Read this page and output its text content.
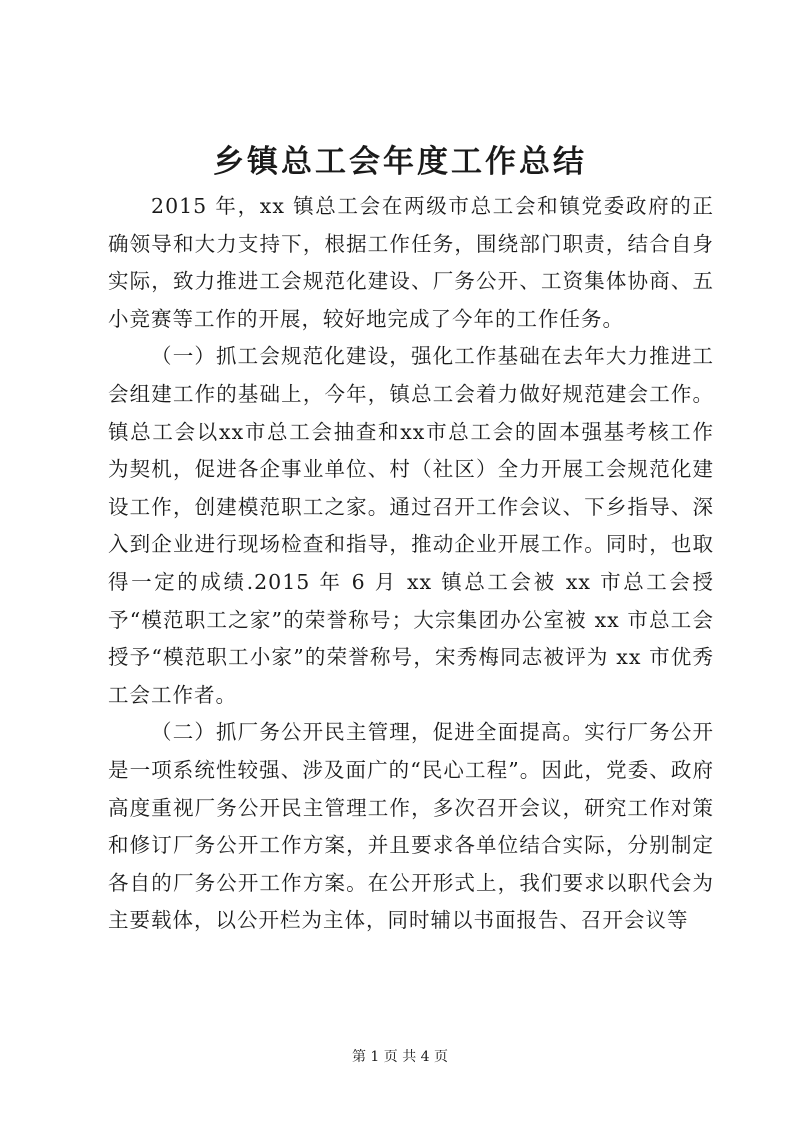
乡镇总工会年度工作总结

2015 年，xx 镇总工会在两级市总工会和镇党委政府的正确领导和大力支持下，根据工作任务，围绕部门职责，结合自身实际，致力推进工会规范化建设、厂务公开、工资集体协商、五小竞赛等工作的开展，较好地完成了今年的工作任务。

（一）抓工会规范化建设，强化工作基础在去年大力推进工会组建工作的基础上，今年，镇总工会着力做好规范建会工作。镇总工会以xx市总工会抽查和xx市总工会的固本强基考核工作为契机，促进各企事业单位、村（社区）全力开展工会规范化建设工作，创建模范职工之家。通过召开工作会议、下乡指导、深入到企业进行现场检查和指导，推动企业开展工作。同时，也取得一定的成绩.2015 年 6 月 xx 镇总工会被 xx 市总工会授予“模范职工之家”的荣誉称号；大宗集团办公室被 xx 市总工会授予“模范职工小家”的荣誉称号，宋秀梅同志被评为 xx 市优秀工会工作者。

（二）抓厂务公开民主管理，促进全面提高。实行厂务公开是一项系统性较强、涉及面广的“民心工程”。因此，党委、政府高度重视厂务公开民主管理工作，多次召开会议，研究工作对策和修订厂务公开工作方案，并且要求各单位结合实际，分别制定各自的厂务公开工作方案。在公开形式上，我们要求以职代会为主要载体，以公开栏为主体，同时辅以书面报告、召开会议等

第 1 页 共 4 页
